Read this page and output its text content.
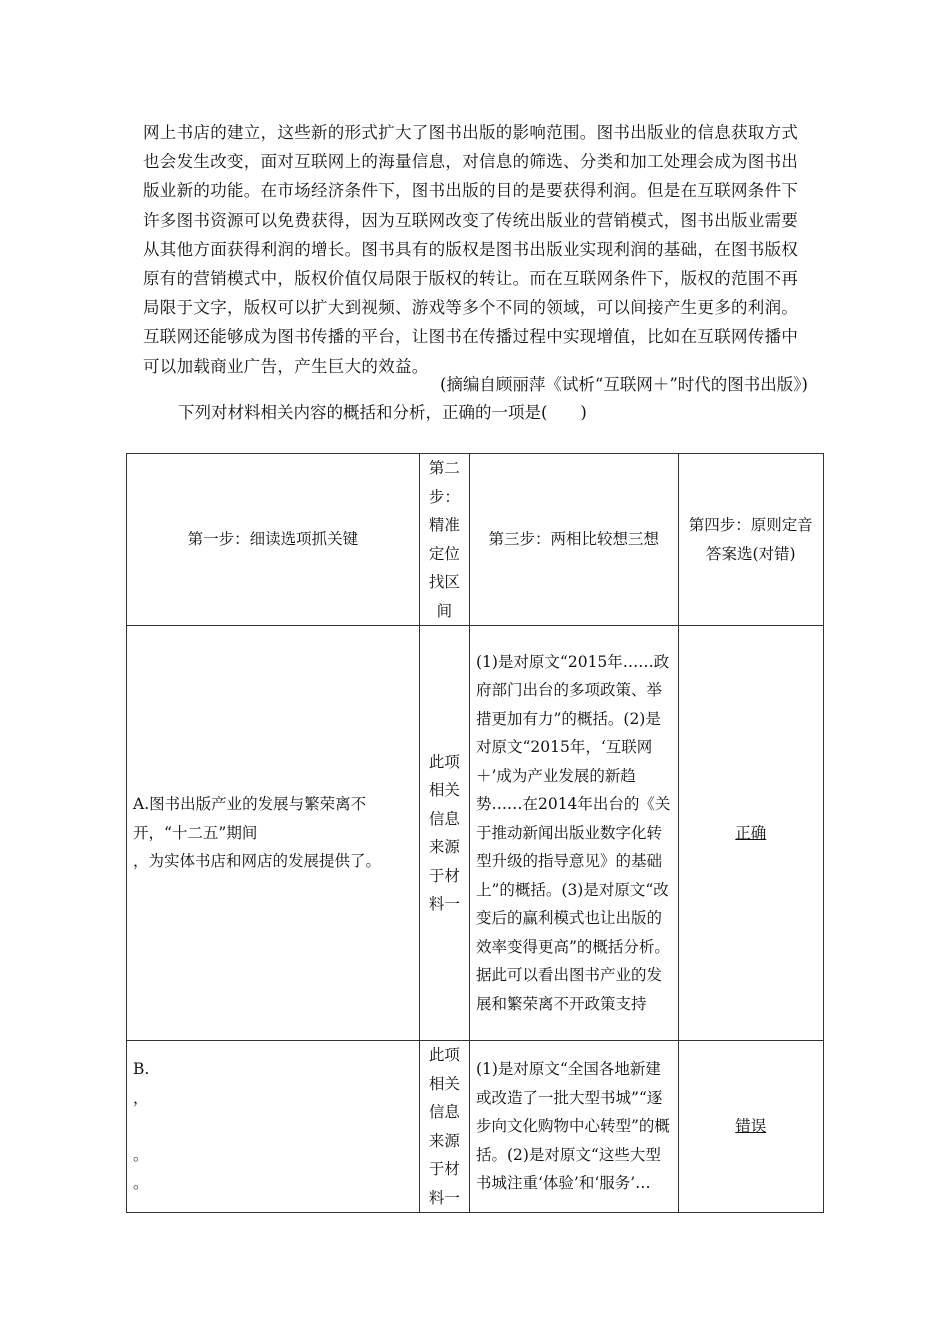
网上书店的建立，这些新的形式扩大了图书出版的影响范围。图书出版业的信息获取方式

也会发生改变，面对互联网上的海量信息，对信息的筛选、分类和加工处理会成为图书出

版业新的功能。在市场经济条件下，图书出版的目的是要获得利润。但是在互联网条件下

许多图书资源可以免费获得，因为互联网改变了传统出版业的营销模式，图书出版业需要

从其他方面获得利润的增长。图书具有的版权是图书出版业实现利润的基础，在图书版权

原有的营销模式中，版权价值仅局限于版权的转让。而在互联网条件下，版权的范围不再

局限于文字，版权可以扩大到视频、游戏等多个不同的领域，可以间接产生更多的利润。

互联网还能够成为图书传播的平台，让图书在传播过程中实现增值，比如在互联网传播中

可以加载商业广告，产生巨大的效益。

(摘编自顾丽萍《试析“互联网＋”时代的图书出版》)
下列对材料相关内容的概括和分析，正确的一项是(　　)
第一步：细读选项抓关键	第二步：精准定位找区间	第三步：两相比较想三想	第四步：原则定音答案选(对错)

A.图书出版产业的发展与繁荣离不
开，“十二五”期间
，为实体书店和网店的发展提供了。	此项相关信息来源于材料一	(1)是对原文“2015年……政府部门出台的多项政策、举措更加有力”的概括。(2)是对原文“2015年，‘互联网＋’成为产业发展的新趋势……在2014年出台的《关于推动新闻出版业数字化转型升级的指导意见》的基础上”的概括。(3)是对原文“改变后的赢利模式也让出版的效率变得更高”的概括分析。据此可以看出图书产业的发展和繁荣离不开政策支持	正确

B.
，
。
。	此项相关信息来源于材料一	(1)是对原文“全国各地新建或改造了一批大型书城”“逐步向文化购物中心转型”的概括。(2)是对原文“这些大型书城注重‘体验’和‘服务’…	错误
